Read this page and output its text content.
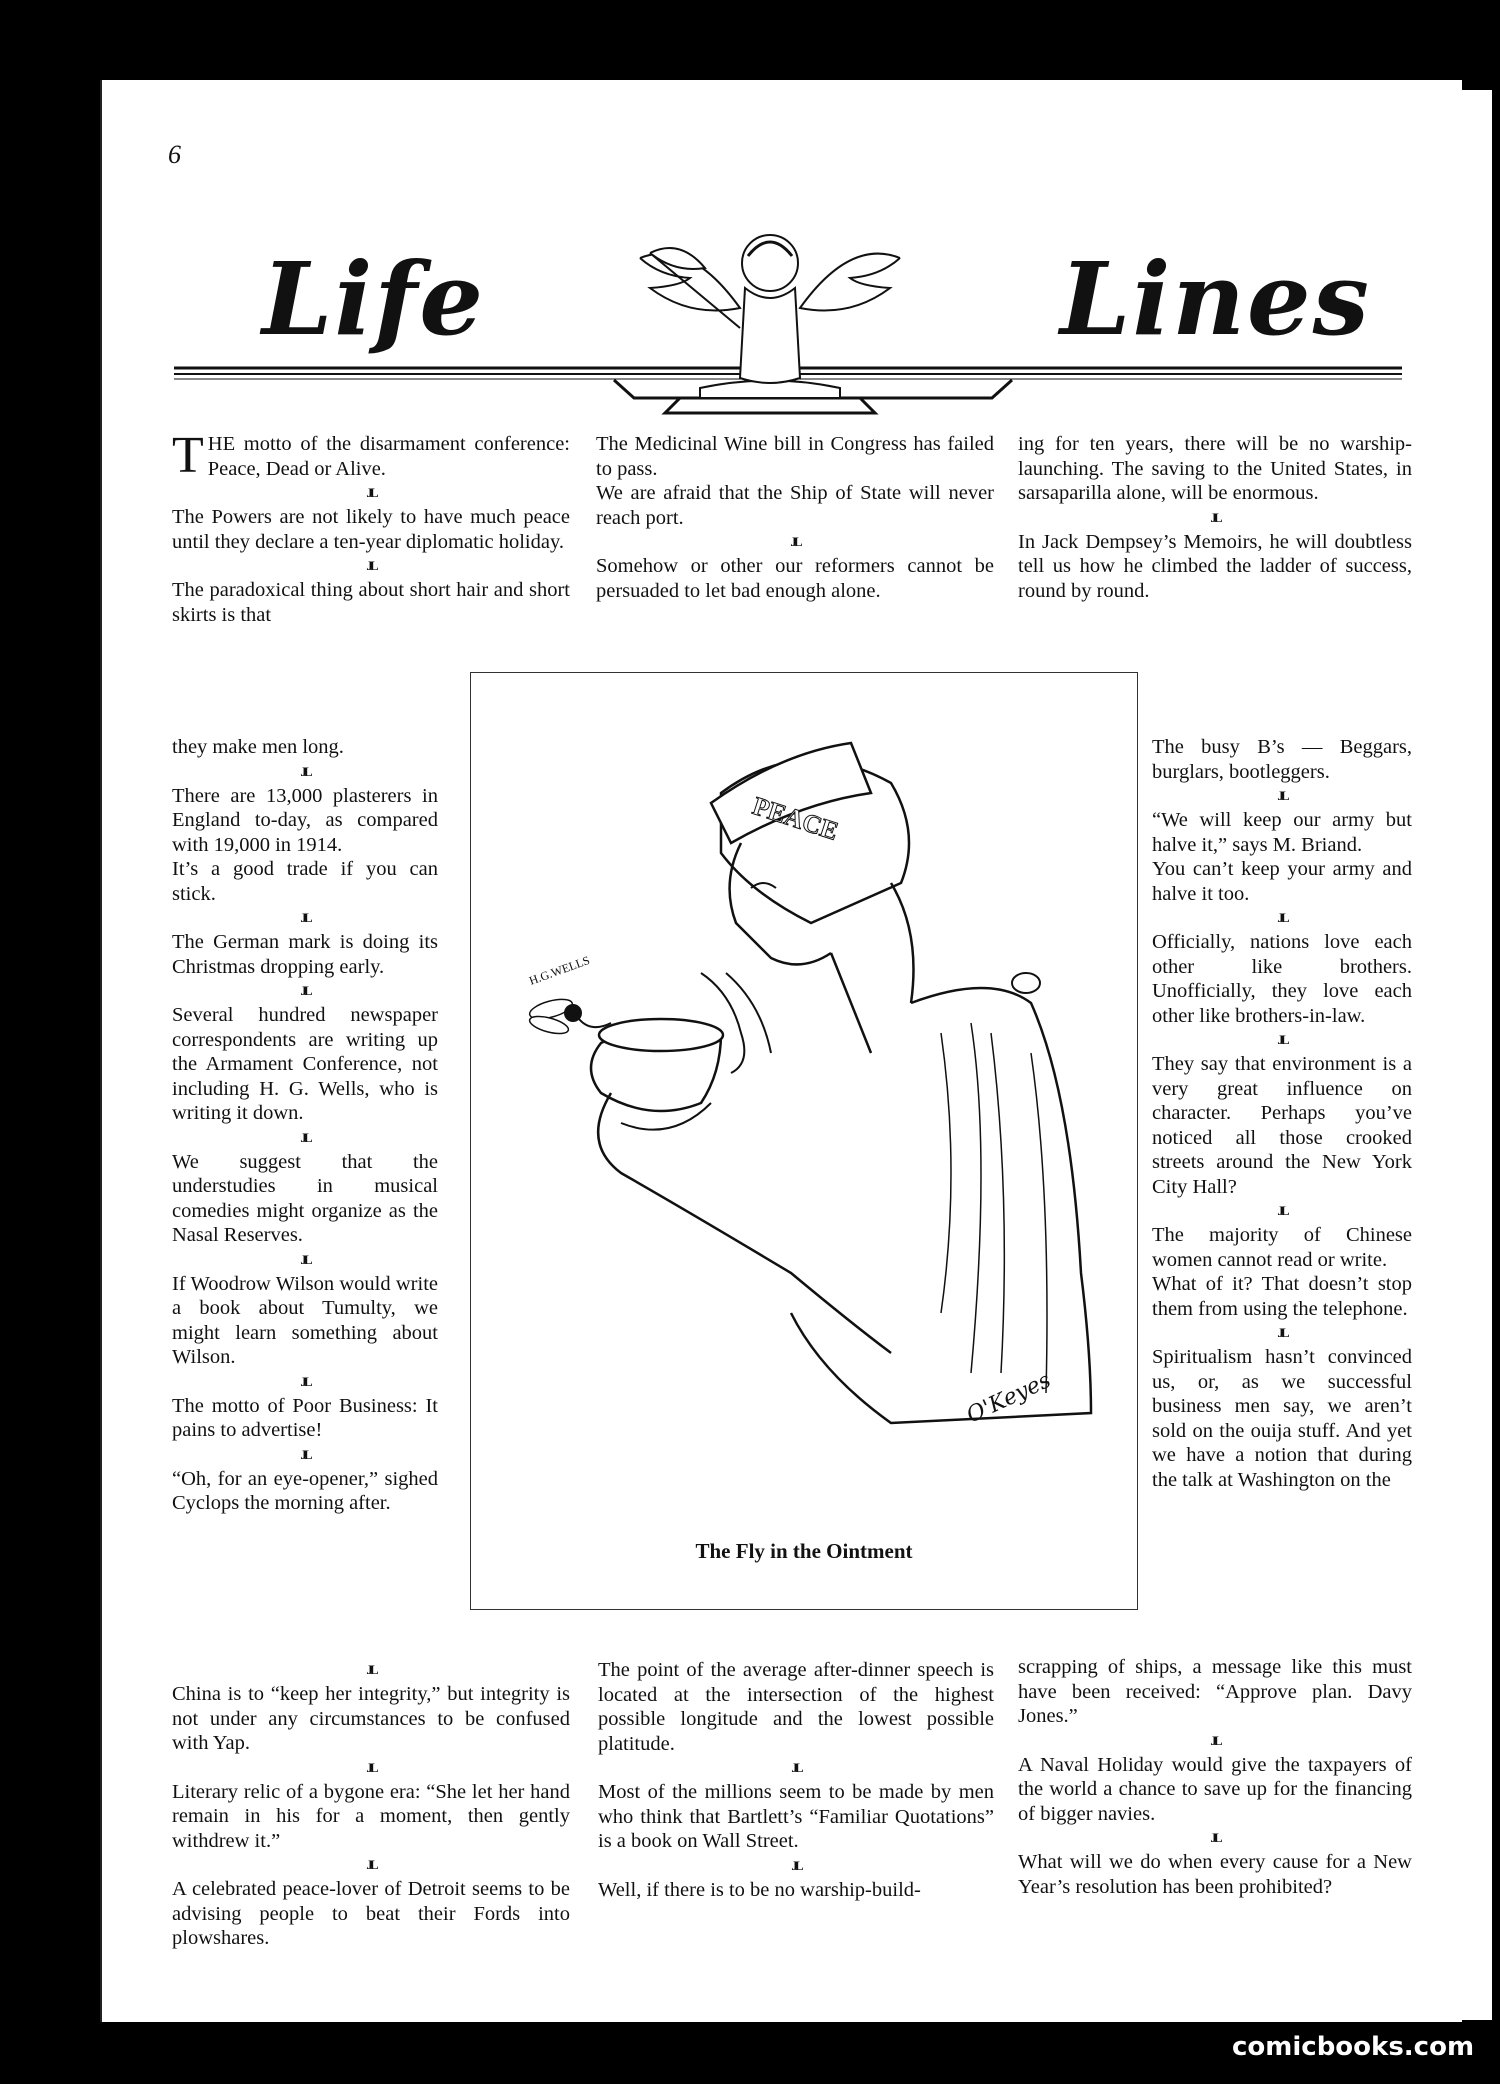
6
Life	Lines

THE motto of the disarmament conference: Peace, Dead or Alive.

JL

The Powers are not likely to have much peace until they declare a ten-year diplomatic holiday.

JL

The paradoxical thing about short hair and short skirts is that

they make men long.

JL

There are 13,000 plasterers in England to-day, as compared with 19,000 in 1914.

It’s a good trade if you can stick.

JL

The German mark is doing its Christmas dropping early.

JL

Several hundred newspaper correspondents are writing up the Armament Conference, not including H. G. Wells, who is writing it down.

JL

We suggest that the understudies in musical comedies might organize as the Nasal Reserves.

JL

If Woodrow Wilson would write a book about Tumulty, we might learn something about Wilson.

JL

The motto of Poor Business: It pains to advertise!

JL

“Oh, for an eye-opener,” sighed Cyclops the morning after.

The Medicinal Wine bill in Congress has failed to pass.

We are afraid that the Ship of State will never reach port.

JL

Somehow or other our reformers cannot be persuaded to let bad enough alone.

ing for ten years, there will be no warship-launching. The saving to the United States, in sarsaparilla alone, will be enormous.

JL

In Jack Dempsey’s Memoirs, he will doubtless tell us how he climbed the ladder of success, round by round.

The busy B’s — Beggars, burglars, bootleggers.

JL

“We will keep our army but halve it,” says M. Briand.

You can’t keep your army and halve it too.

JL

Officially, nations love each other like brothers. Unofficially, they love each other like brothers-in-law.

JL

They say that environment is a very great influence on character. Perhaps you’ve noticed all those crooked streets around the New York City Hall?

JL

The majority of Chinese women cannot read or write.

What of it? That doesn’t stop them from using the telephone.

JL

Spiritualism hasn’t convinced us, or, as we successful business men say, we aren’t sold on the ouija stuff. And yet we have a notion that during the talk at Washington on the

PEACE
H.G.WELLS
O'Keyes
The Fly in the Ointment
JL

China is to “keep her integrity,” but integrity is not under any circumstances to be confused with Yap.

JL

Literary relic of a bygone era: “She let her hand remain in his for a moment, then gently withdrew it.”

JL

A celebrated peace-lover of Detroit seems to be advising people to beat their Fords into plowshares.

The point of the average after-dinner speech is located at the intersection of the highest possible longitude and the lowest possible platitude.

JL

Most of the millions seem to be made by men who think that Bartlett’s “Familiar Quotations” is a book on Wall Street.

JL

Well, if there is to be no warship-build-

scrapping of ships, a message like this must have been received: “Approve plan. Davy Jones.”

JL

A Naval Holiday would give the taxpayers of the world a chance to save up for the financing of bigger navies.

JL

What will we do when every cause for a New Year’s resolution has been prohibited?

comicbooks.com
